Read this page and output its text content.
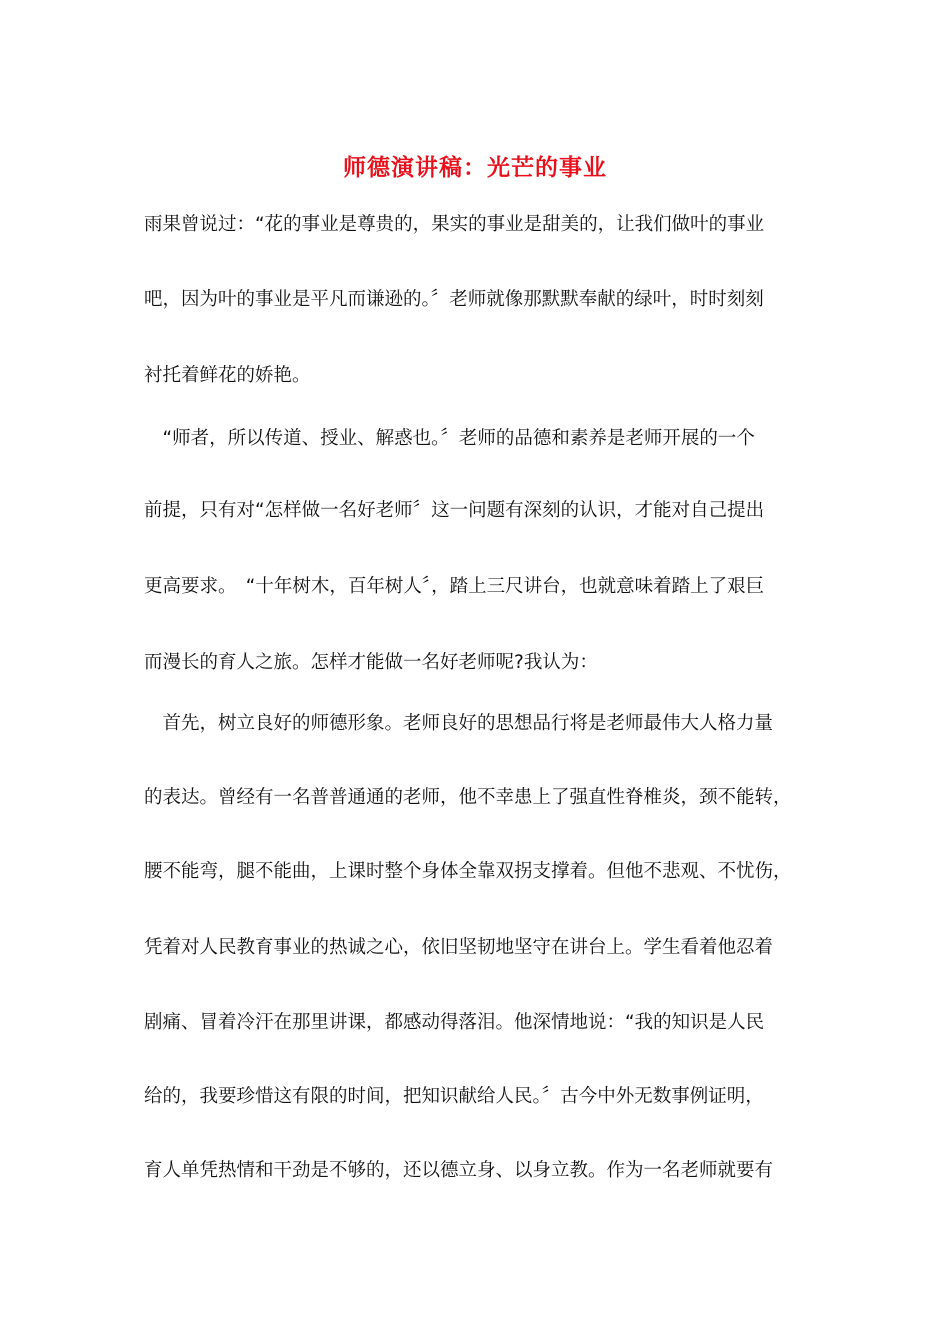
师德演讲稿：光芒的事业
雨果曾说过：“花的事业是尊贵的，果实的事业是甜美的，让我们做叶的事业
吧，因为叶的事业是平凡而谦逊的。〞老师就像那默默奉献的绿叶，时时刻刻
衬托着鲜花的娇艳。
　“师者，所以传道、授业、解惑也。〞老师的品德和素养是老师开展的一个
前提，只有对“怎样做一名好老师〞这一问题有深刻的认识，才能对自己提出
更高要求。　“十年树木，百年树人〞，踏上三尺讲台，也就意味着踏上了艰巨
而漫长的育人之旅。怎样才能做一名好老师呢?我认为：
　首先，树立良好的师德形象。老师良好的思想品行将是老师最伟大人格力量
的表达。曾经有一名普普通通的老师，他不幸患上了强直性脊椎炎，颈不能转，
腰不能弯，腿不能曲，上课时整个身体全靠双拐支撑着。但他不悲观、不忧伤，
凭着对人民教育事业的热诚之心，依旧坚韧地坚守在讲台上。学生看着他忍着
剧痛、冒着冷汗在那里讲课，都感动得落泪。他深情地说：“我的知识是人民
给的，我要珍惜这有限的时间，把知识献给人民。〞古今中外无数事例证明，
育人单凭热情和干劲是不够的，还以德立身、以身立教。作为一名老师就要有
